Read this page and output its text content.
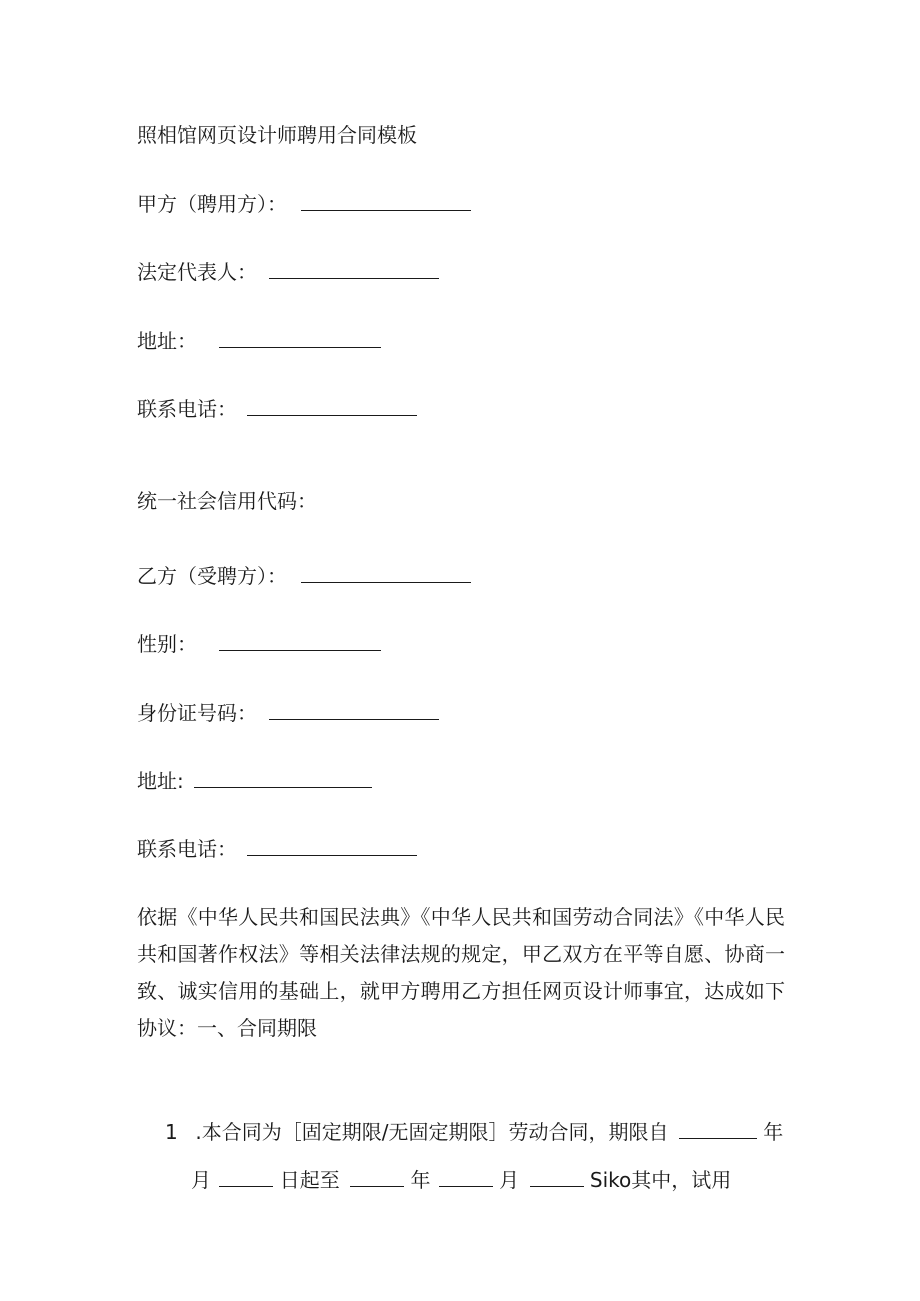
照相馆网页设计师聘用合同模板
甲方（聘用方）：
法定代表人：
地址：
联系电话：
统一社会信用代码：
乙方（受聘方）：
性别：
身份证号码：
地址:
联系电话：
依据《中华人民共和国民法典》《中华人民共和国劳动合同法》《中华人民共和国著作权法》等相关法律法规的规定，甲乙双方在平等自愿、协商一致、诚实信用的基础上，就甲方聘用乙方担任网页设计师事宜，达成如下协议：一、合同期限
1 .本合同为［固定期限/无固定期限］劳动合同，期限自	年
月	日起至	年	月	Siko其中，试用
